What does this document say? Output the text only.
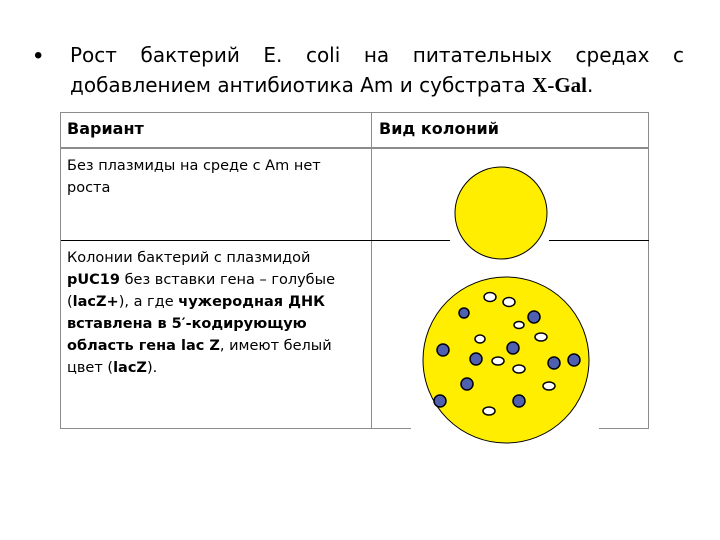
• Рост бактерий E. coli на питательных средах с добавлением антибиотика Am и субстрата X-Gal.
Вариант	Вид колоний
Без плазмиды на среде с Am нет роста
Колонии бактерий с плазмидой pUC19 без вставки гена – голубые (lacZ+), а где чужеродная ДНК вставлена в 5′-кодирующую область гена lac Z, имеют белый цвет (lacZ).
